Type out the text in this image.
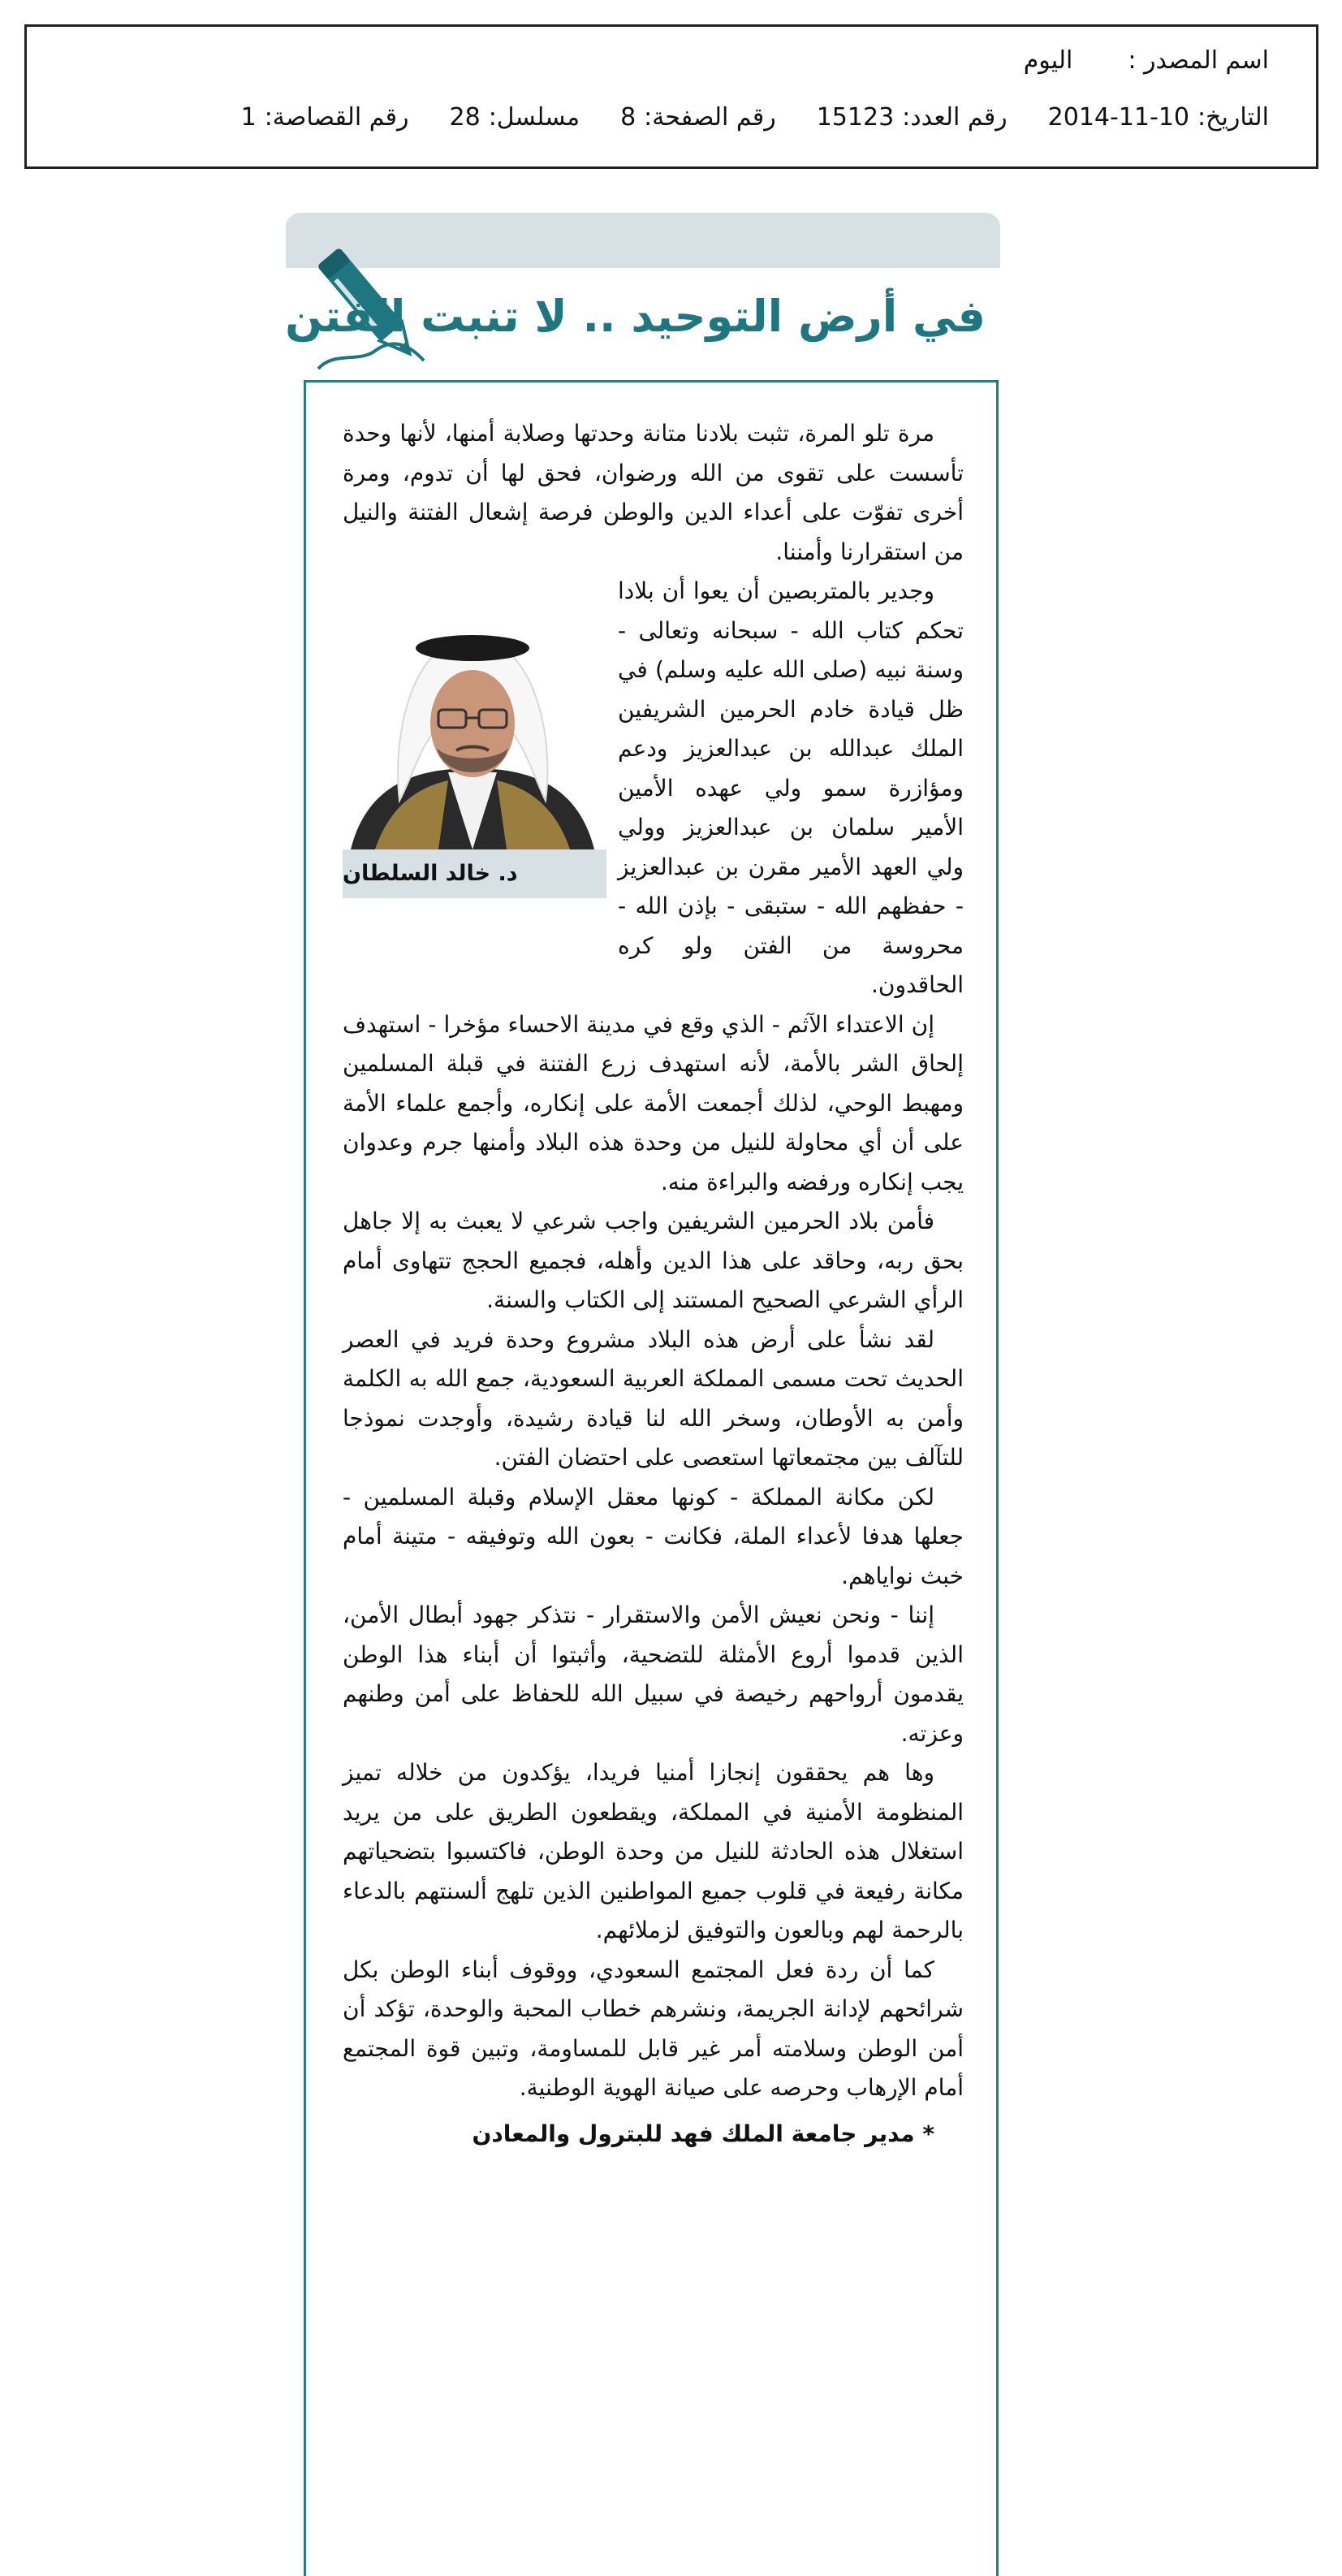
اسم المصدر :
اليوم
التاريخ:
2014-11-10
رقم العدد:
15123
رقم الصفحة:
8
مسلسل:
28
رقم القصاصة:
1
في أرض التوحيد .. لا تنبت الفتن

مرة تلو المرة، تثبت بلادنا متانة وحدتها وصلابة أمنها، لأنها وحدة تأسست على تقوى من الله ورضوان، فحق لها أن تدوم، ومرة أخرى تفوّت على أعداء الدين والوطن فرصة إشعال الفتنة والنيل من استقرارنا وأمننا.

د. خالد السلطان

وجدير بالمتربصين أن يعوا أن بلادا تحكم كتاب الله - سبحانه وتعالى - وسنة نبيه (صلى الله عليه وسلم) في ظل قيادة خادم الحرمين الشريفين الملك عبدالله بن عبدالعزيز ودعم ومؤازرة سمو ولي عهده الأمين الأمير سلمان بن عبدالعزيز وولي ولي العهد الأمير مقرن بن عبدالعزيز - حفظهم الله - ستبقى - بإذن الله - محروسة من الفتن ولو كره الحاقدون.

إن الاعتداء الآثم - الذي وقع في مدينة الاحساء مؤخرا - استهدف إلحاق الشر بالأمة، لأنه استهدف زرع الفتنة في قبلة المسلمين ومهبط الوحي، لذلك أجمعت الأمة على إنكاره، وأجمع علماء الأمة على أن أي محاولة للنيل من وحدة هذه البلاد وأمنها جرم وعدوان يجب إنكاره ورفضه والبراءة منه.

فأمن بلاد الحرمين الشريفين واجب شرعي لا يعبث به إلا جاهل بحق ربه، وحاقد على هذا الدين وأهله، فجميع الحجج تتهاوى أمام الرأي الشرعي الصحيح المستند إلى الكتاب والسنة.

لقد نشأ على أرض هذه البلاد مشروع وحدة فريد في العصر الحديث تحت مسمى المملكة العربية السعودية، جمع الله به الكلمة وأمن به الأوطان، وسخر الله لنا قيادة رشيدة، وأوجدت نموذجا للتآلف بين مجتمعاتها استعصى على احتضان الفتن.

لكن مكانة المملكة - كونها معقل الإسلام وقبلة المسلمين - جعلها هدفا لأعداء الملة، فكانت - بعون الله وتوفيقه - متينة أمام خبث نواياهم.

إننا - ونحن نعيش الأمن والاستقرار - نتذكر جهود أبطال الأمن، الذين قدموا أروع الأمثلة للتضحية، وأثبتوا أن أبناء هذا الوطن يقدمون أرواحهم رخيصة في سبيل الله للحفاظ على أمن وطنهم وعزته.

وها هم يحققون إنجازا أمنيا فريدا، يؤكدون من خلاله تميز المنظومة الأمنية في المملكة، ويقطعون الطريق على من يريد استغلال هذه الحادثة للنيل من وحدة الوطن، فاكتسبوا بتضحياتهم مكانة رفيعة في قلوب جميع المواطنين الذين تلهج ألسنتهم بالدعاء بالرحمة لهم وبالعون والتوفيق لزملائهم.

كما أن ردة فعل المجتمع السعودي، ووقوف أبناء الوطن بكل شرائحهم لإدانة الجريمة، ونشرهم خطاب المحبة والوحدة، تؤكد أن أمن الوطن وسلامته أمر غير قابل للمساومة، وتبين قوة المجتمع أمام الإرهاب وحرصه على صيانة الهوية الوطنية.

* مدير جامعة الملك فهد للبترول والمعادن
